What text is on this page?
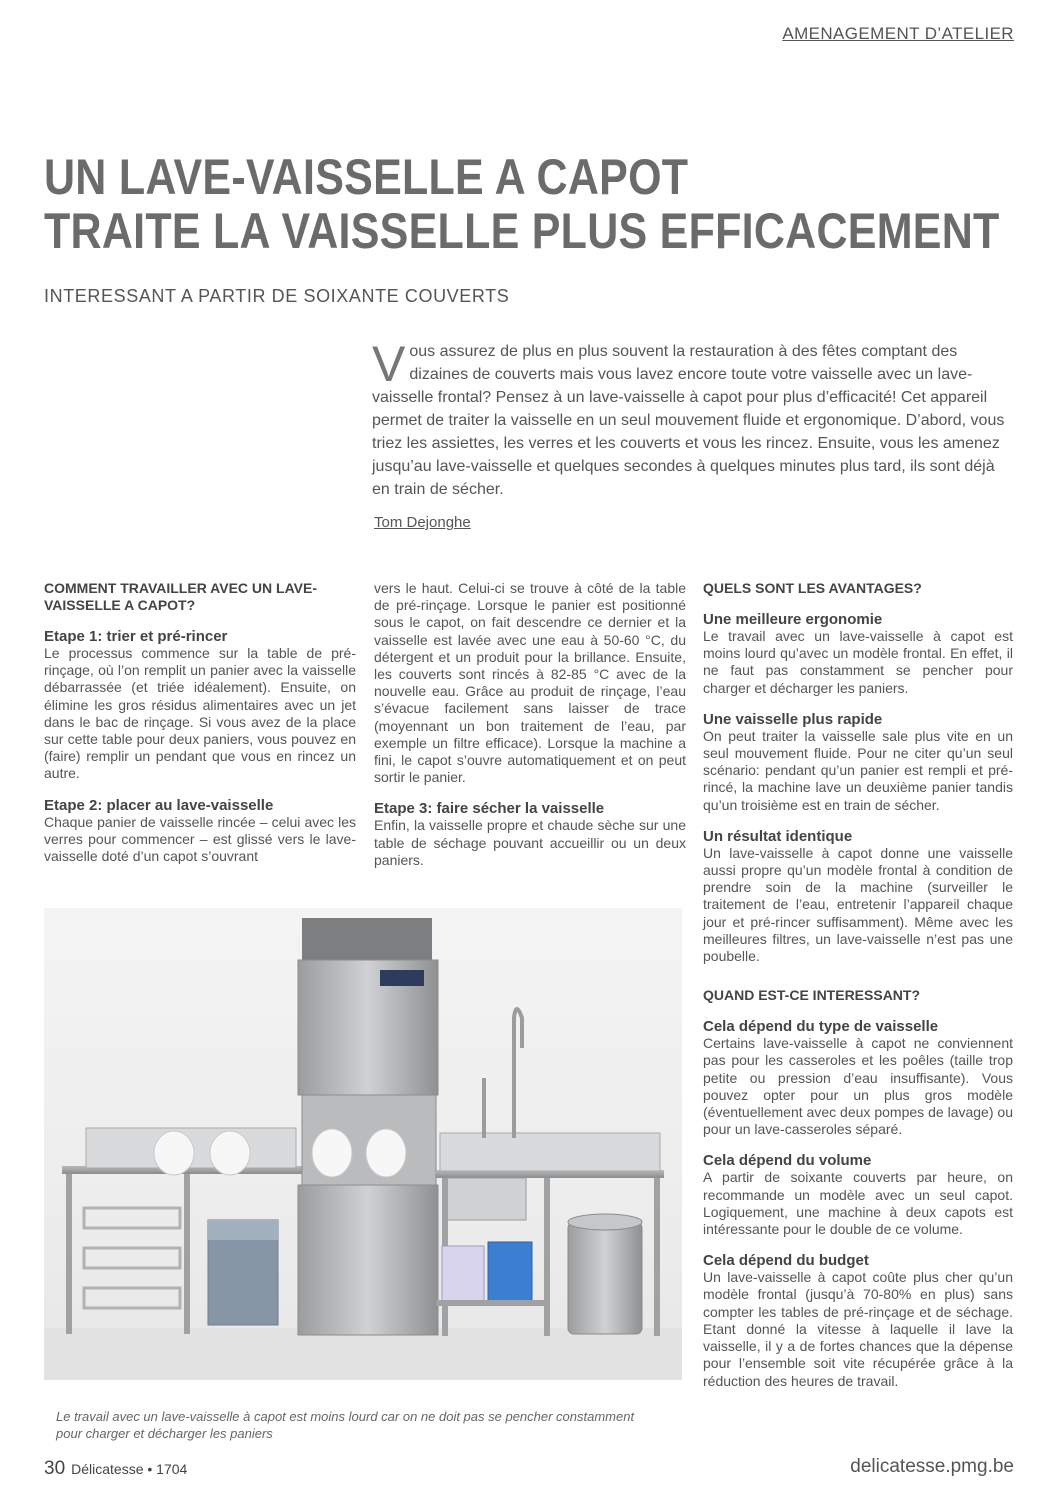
AMENAGEMENT D’ATELIER
UN LAVE-VAISSELLE A CAPOT
TRAITE LA VAISSELLE PLUS EFFICACEMENT
INTERESSANT A PARTIR DE SOIXANTE COUVERTS
Vous assurez de plus en plus souvent la restauration à des fêtes comptant des dizaines de couverts mais vous lavez encore toute votre vaisselle avec un lave-vaisselle frontal? Pensez à un lave-vaisselle à capot pour plus d’efficacité! Cet appareil permet de traiter la vaisselle en un seul mouvement fluide et ergonomique. D’abord, vous triez les assiettes, les verres et les couverts et vous les rincez. Ensuite, vous les amenez jusqu’au lave-vaisselle et quelques secondes à quelques minutes plus tard, ils sont déjà en train de sécher.
Tom Dejonghe
COMMENT TRAVAILLER AVEC UN LAVE-VAISSELLE A CAPOT?
Etape 1: trier et pré-rincer

Le processus commence sur la table de pré-rinçage, où l’on remplit un panier avec la vaisselle débarrassée (et triée idéalement). Ensuite, on élimine les gros résidus alimentaires avec un jet dans le bac de rinçage. Si vous avez de la place sur cette table pour deux paniers, vous pouvez en (faire) remplir un pendant que vous en rincez un autre.

Etape 2: placer au lave-vaisselle

Chaque panier de vaisselle rincée – celui avec les verres pour commencer – est glissé vers le lave-vaisselle doté d’un capot s’ouvrant

vers le haut. Celui-ci se trouve à côté de la table de pré-rinçage. Lorsque le panier est positionné sous le capot, on fait descendre ce dernier et la vaisselle est lavée avec une eau à 50-60 °C, du détergent et un produit pour la brillance. Ensuite, les couverts sont rincés à 82-85 °C avec de la nouvelle eau. Grâce au produit de rinçage, l’eau s’évacue facilement sans laisser de trace (moyennant un bon traitement de l’eau, par exemple un filtre efficace). Lorsque la machine a fini, le capot s’ouvre automatiquement et on peut sortir le panier.

Etape 3: faire sécher la vaisselle

Enfin, la vaisselle propre et chaude sèche sur une table de séchage pouvant accueillir ou un deux paniers.

QUELS SONT LES AVANTAGES?
Une meilleure ergonomie

Le travail avec un lave-vaisselle à capot est moins lourd qu’avec un modèle frontal. En effet, il ne faut pas constamment se pencher pour charger et décharger les paniers.

Une vaisselle plus rapide

On peut traiter la vaisselle sale plus vite en un seul mouvement fluide. Pour ne citer qu’un seul scénario: pendant qu’un panier est rempli et pré-rincé, la machine lave un deuxième panier tandis qu’un troisième est en train de sécher.

Un résultat identique

Un lave-vaisselle à capot donne une vaisselle aussi propre qu’un modèle frontal à condition de prendre soin de la machine (surveiller le traitement de l’eau, entretenir l’appareil chaque jour et pré-rincer suffisamment). Même avec les meilleures filtres, un lave-vaisselle n’est pas une poubelle.

QUAND EST-CE INTERESSANT?
Cela dépend du type de vaisselle

Certains lave-vaisselle à capot ne conviennent pas pour les casseroles et les poêles (taille trop petite ou pression d’eau insuffisante). Vous pouvez opter pour un plus gros modèle (éventuellement avec deux pompes de lavage) ou pour un lave-casseroles séparé.

Cela dépend du volume

A partir de soixante couverts par heure, on recommande un modèle avec un seul capot. Logiquement, une machine à deux capots est intéressante pour le double de ce volume.

Cela dépend du budget

Un lave-vaisselle à capot coûte plus cher qu’un modèle frontal (jusqu’à 70-80% en plus) sans compter les tables de pré-rinçage et de séchage. Etant donné la vitesse à laquelle il lave la vaisselle, il y a de fortes chances que la dépense pour l’ensemble soit vite récupérée grâce à la réduction des heures de travail.

Le travail avec un lave-vaisselle à capot est moins lourd car on ne doit pas se pencher constamment pour charger et décharger les paniers
30 Délicatesse • 1704	delicatesse.pmg.be
